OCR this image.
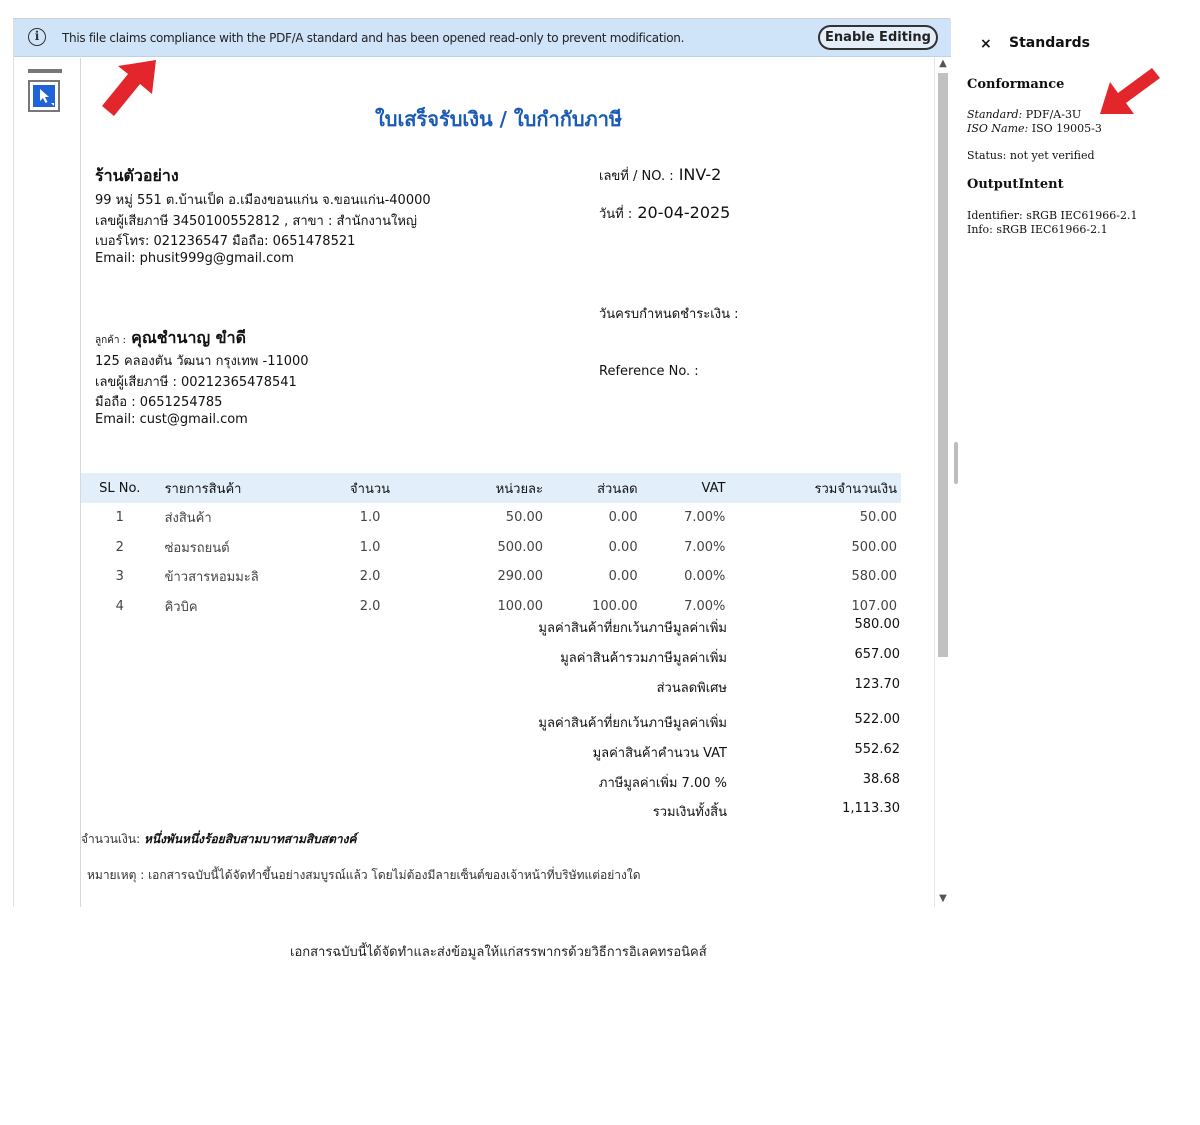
i	This file claims compliance with the PDF/A standard and has been opened read-only to prevent modification.	Enable Editing
ใบเสร็จรับเงิน / ใบกำกับภาษี
ร้านตัวอย่าง
99 หมู่ 551 ต.บ้านเป็ด อ.เมืองขอนแก่น จ.ขอนแก่น-40000
เลขผู้เสียภาษี 3450100552812 , สาขา : สำนักงานใหญ่
เบอร์โทร: 021236547 มือถือ: 0651478521
Email: phusit999g@gmail.com
เลขที่ / NO. : INV-2
วันที่ : 20-04-2025
วันครบกำหนดชำระเงิน :
Reference No. :
ลูกค้า : คุณชำนาญ ขำดี
125 คลองตัน วัฒนา กรุงเทพ -11000
เลขผู้เสียภาษี : 00212365478541
มือถือ : 0651254785
Email: cust@gmail.com
SL No.	รายการสินค้า	จำนวน	หน่วยละ	ส่วนลด	VAT	รวมจำนวนเงิน
1	ส่งสินค้า	1.0	50.00	0.00	7.00%	50.00
2	ซ่อมรถยนต์	1.0	500.00	0.00	7.00%	500.00
3	ข้าวสารหอมมะลิ	2.0	290.00	0.00	0.00%	580.00
4	คิวบิค	2.0	100.00	100.00	7.00%	107.00
มูลค่าสินค้าที่ยกเว้นภาษีมูลค่าเพิ่ม	580.00
มูลค่าสินค้ารวมภาษีมูลค่าเพิ่ม	657.00
ส่วนลดพิเศษ	123.70
มูลค่าสินค้าที่ยกเว้นภาษีมูลค่าเพิ่ม	522.00
มูลค่าสินค้าคำนวน VAT	552.62
ภาษีมูลค่าเพิ่ม 7.00 %	38.68
รวมเงินทั้งสิ้น	1,113.30
จำนวนเงิน: หนึ่งพันหนึ่งร้อยสิบสามบาทสามสิบสตางค์
หมายเหตุ : เอกสารฉบับนี้ได้จัดทำขึ้นอย่างสมบูรณ์แล้ว โดยไม่ต้องมีลายเซ็นต์ของเจ้าหน้าที่บริษัทแต่อย่างใด
▲
▼
เอกสารฉบับนี้ได้จัดทำและส่งข้อมูลให้แก่สรรพากรด้วยวิธีการอิเลคทรอนิคส์
× Standards
Conformance
Standard: PDF/A-3U
ISO Name: ISO 19005-3
Status: not yet verified
OutputIntent
Identifier: sRGB IEC61966-2.1
Info: sRGB IEC61966-2.1
